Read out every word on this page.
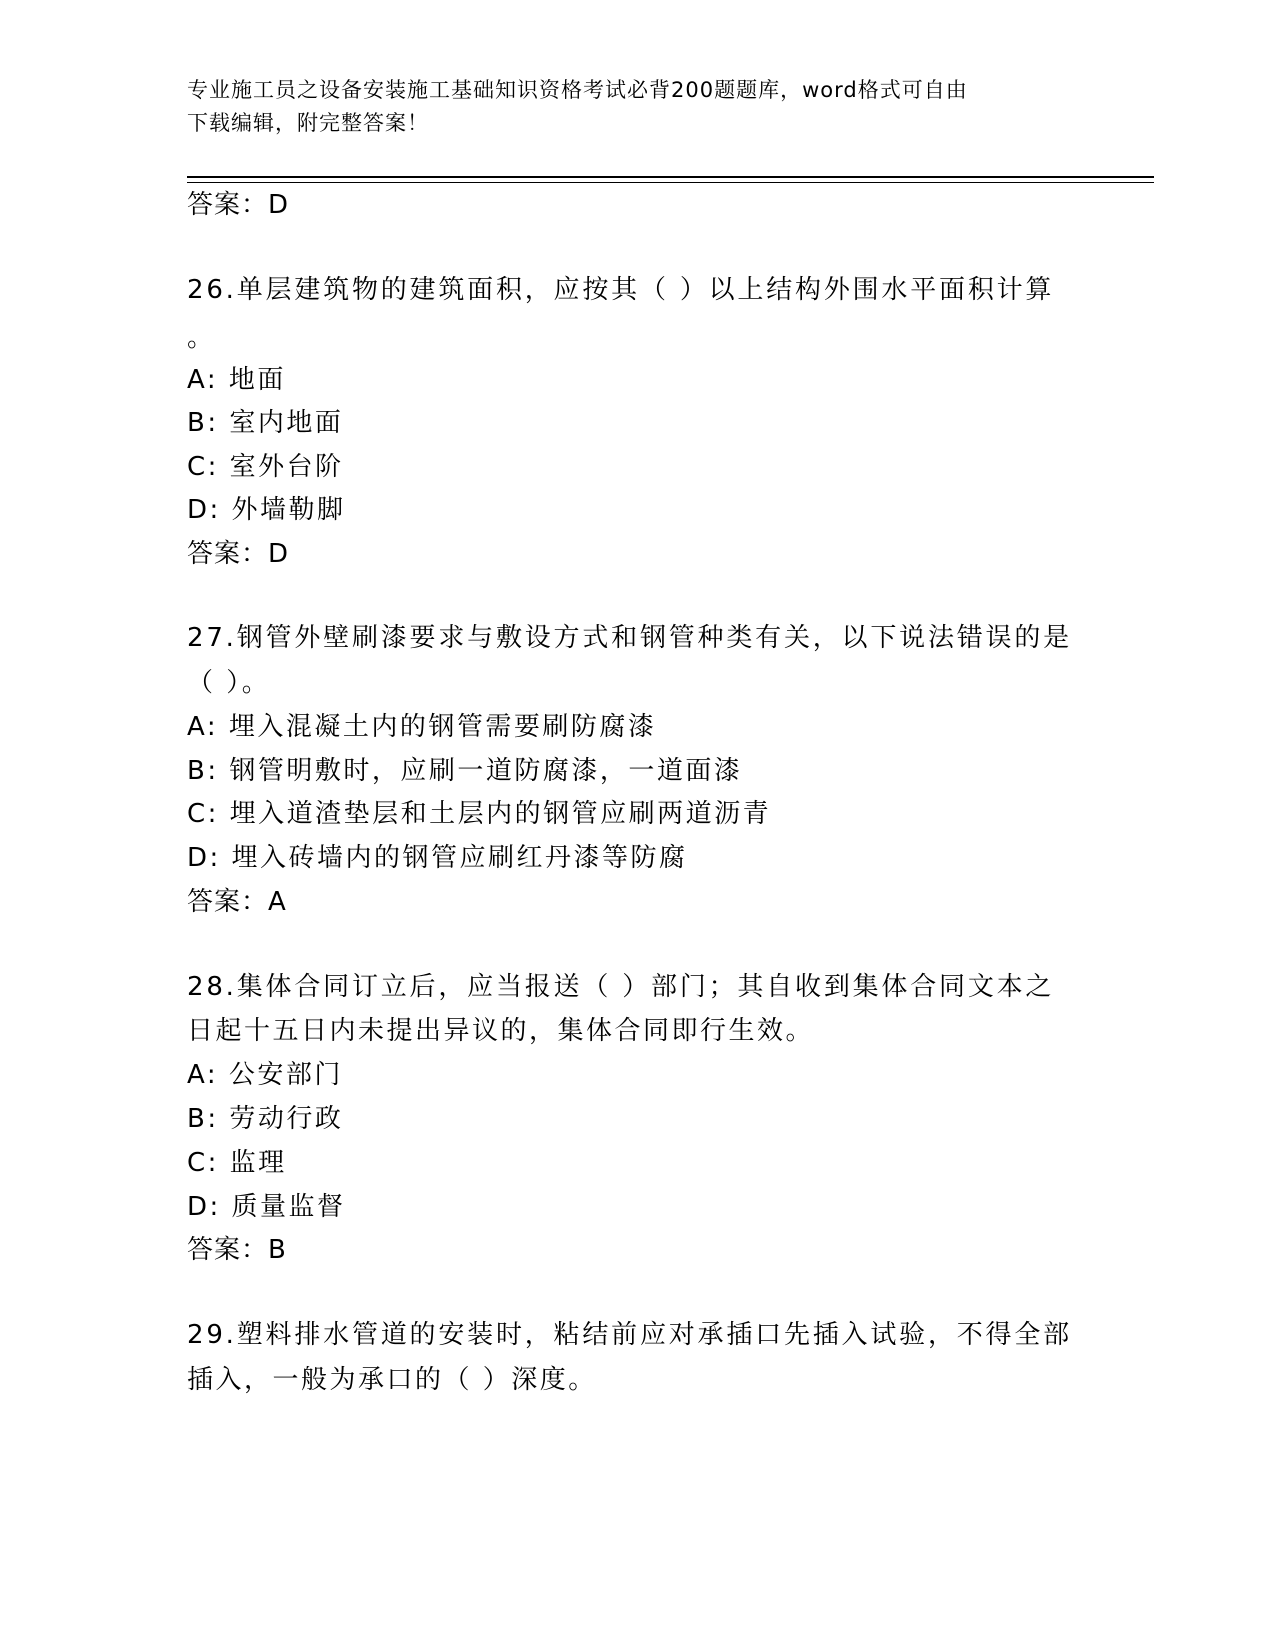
专业施工员之设备安装施工基础知识资格考试必背200题题库，word格式可自由
下载编辑，附完整答案！
答案：D
26.单层建筑物的建筑面积，应按其（ ）以上结构外围水平面积计算
。
A: 地面
B: 室内地面
C: 室外台阶
D: 外墙勒脚
答案：D
27.钢管外壁刷漆要求与敷设方式和钢管种类有关，以下说法错误的是
（ ）。
A: 埋入混凝土内的钢管需要刷防腐漆
B: 钢管明敷时，应刷一道防腐漆，一道面漆
C: 埋入道渣垫层和土层内的钢管应刷两道沥青
D: 埋入砖墙内的钢管应刷红丹漆等防腐
答案：A
28.集体合同订立后，应当报送（ ）部门；其自收到集体合同文本之
日起十五日内未提出异议的，集体合同即行生效。
A: 公安部门
B: 劳动行政
C: 监理
D: 质量监督
答案：B
29.塑料排水管道的安装时，粘结前应对承插口先插入试验，不得全部
插入，一般为承口的（ ）深度。
